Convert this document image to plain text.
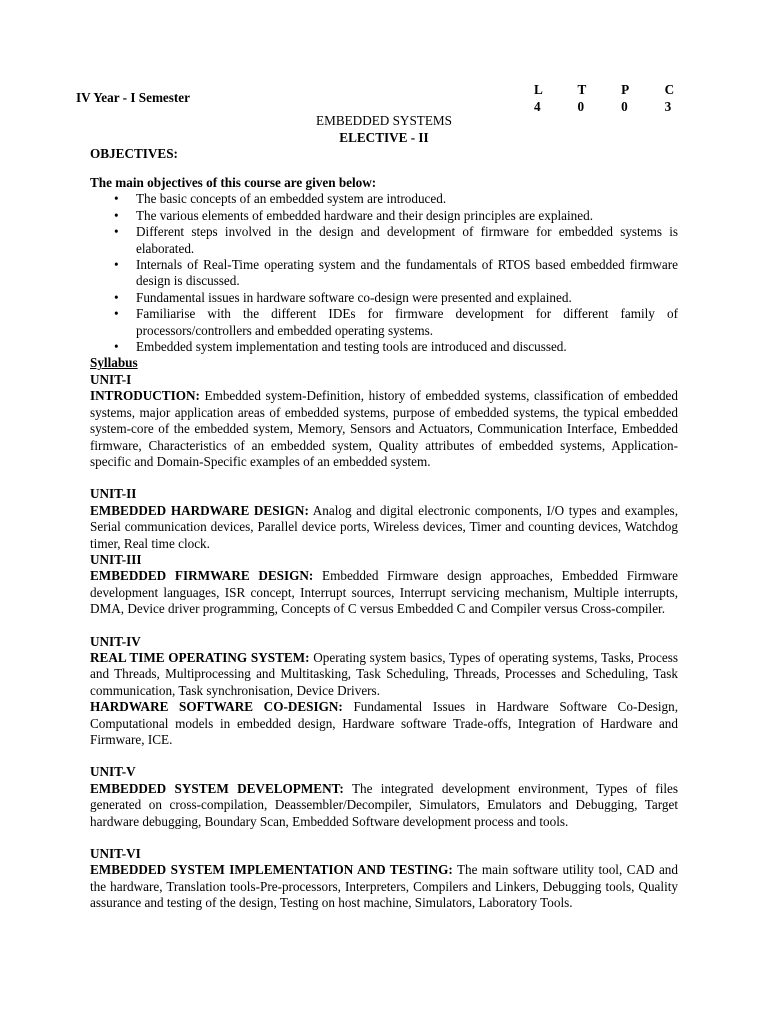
IV Year - I Semester
L	T	P	C
4	0	0	3
EMBEDDED SYSTEMS
ELECTIVE - II
OBJECTIVES:
The main objectives of this course are given below:
• The basic concepts of an embedded system are introduced.
• The various elements of embedded hardware and their design principles are explained.
• Different steps involved in the design and development of firmware for embedded systems is elaborated.
• Internals of Real-Time operating system and the fundamentals of RTOS based embedded firmware design is discussed.
• Fundamental issues in hardware software co-design were presented and explained.
• Familiarise with the different IDEs for firmware development for different family of processors/controllers and embedded operating systems.
• Embedded system implementation and testing tools are introduced and discussed.
Syllabus
UNIT-I
INTRODUCTION: Embedded system-Definition, history of embedded systems, classification of embedded systems, major application areas of embedded systems, purpose of embedded systems, the typical embedded system-core of the embedded system, Memory, Sensors and Actuators, Communication Interface, Embedded firmware, Characteristics of an embedded system, Quality attributes of embedded systems, Application-specific and Domain-Specific examples of an embedded system.
UNIT-II
EMBEDDED HARDWARE DESIGN: Analog and digital electronic components, I/O types and examples, Serial communication devices, Parallel device ports, Wireless devices, Timer and counting devices, Watchdog timer, Real time clock.
UNIT-III
EMBEDDED FIRMWARE DESIGN: Embedded Firmware design approaches, Embedded Firmware development languages, ISR concept, Interrupt sources, Interrupt servicing mechanism, Multiple interrupts, DMA, Device driver programming, Concepts of C versus Embedded C and Compiler versus Cross-compiler.
UNIT-IV
REAL TIME OPERATING SYSTEM: Operating system basics, Types of operating systems, Tasks, Process and Threads, Multiprocessing and Multitasking, Task Scheduling, Threads, Processes and Scheduling, Task communication, Task synchronisation, Device Drivers.
HARDWARE SOFTWARE CO-DESIGN: Fundamental Issues in Hardware Software Co-Design, Computational models in embedded design, Hardware software Trade-offs, Integration of Hardware and Firmware, ICE.
UNIT-V
EMBEDDED SYSTEM DEVELOPMENT: The integrated development environment, Types of files generated on cross-compilation, Deassembler/Decompiler, Simulators, Emulators and Debugging, Target hardware debugging, Boundary Scan, Embedded Software development process and tools.
UNIT-VI
EMBEDDED SYSTEM IMPLEMENTATION AND TESTING: The main software utility tool, CAD and the hardware, Translation tools-Pre-processors, Interpreters, Compilers and Linkers, Debugging tools, Quality assurance and testing of the design, Testing on host machine, Simulators, Laboratory Tools.
